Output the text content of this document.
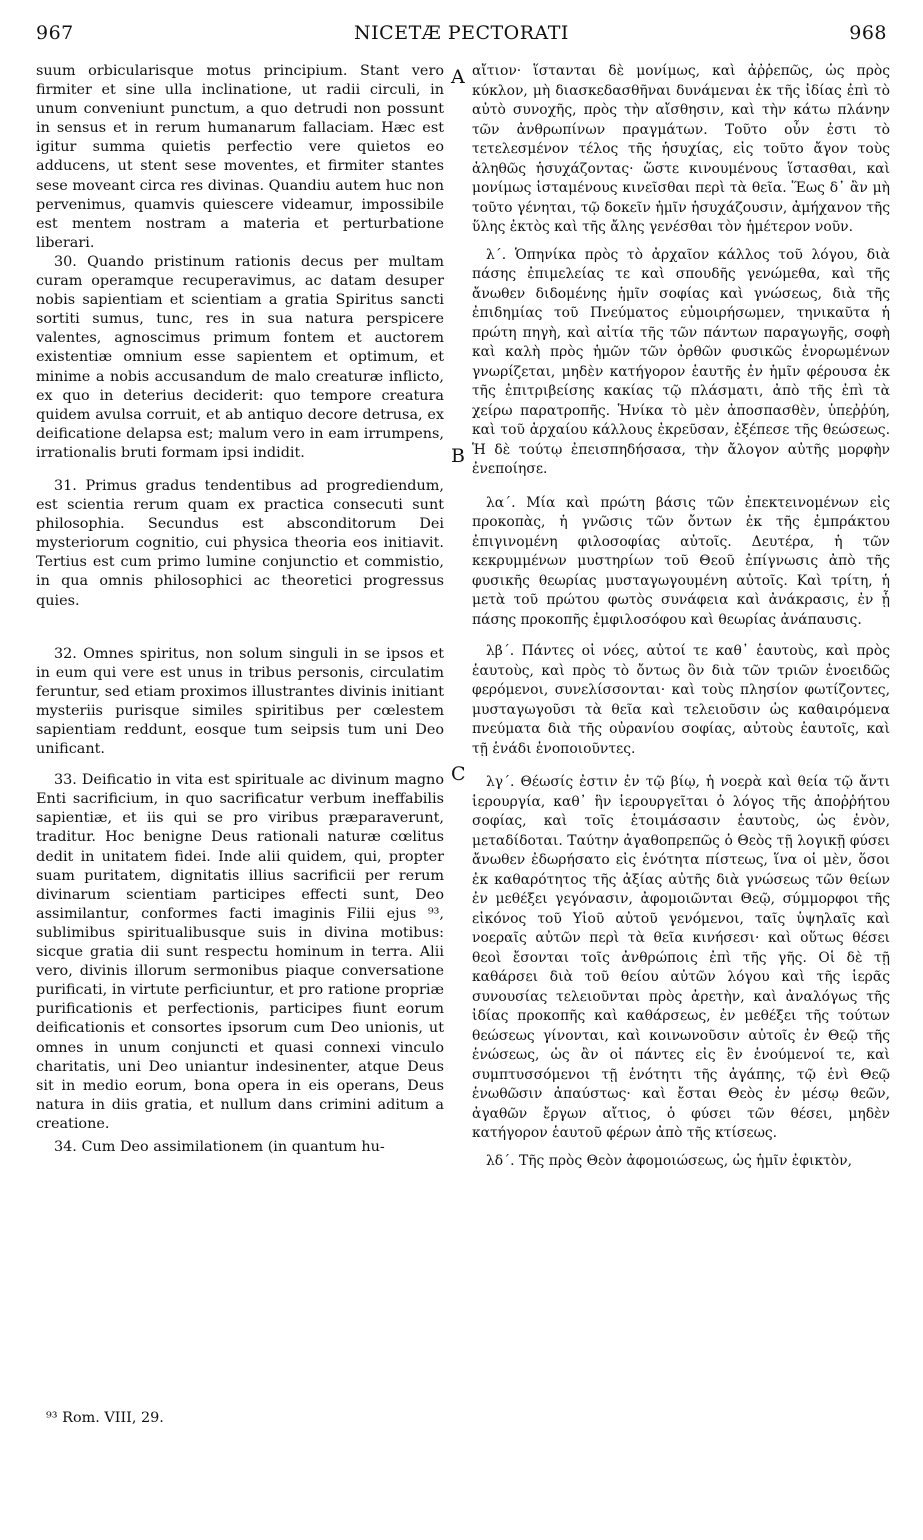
967	NICETÆ PECTORATI	968

suum orbicularisque motus principium. Stant vero firmiter et sine ulla inclinatione, ut radii circuli, in unum conveniunt punctum, a quo detrudi non possunt in sensus et in rerum humanarum fallaciam. Hæc est igitur summa quietis perfectio vere quietos eo adducens, ut stent sese moventes, et firmiter stantes sese moveant circa res divinas. Quandiu autem huc non pervenimus, quamvis quiescere videamur, impossibile est mentem nostram a materia et perturbatione liberari.

30. Quando pristinum rationis decus per multam curam operamque recuperavimus, ac datam desuper nobis sapientiam et scientiam a gratia Spiritus sancti sortiti sumus, tunc, res in sua natura perspicere valentes, agnoscimus primum fontem et auctorem existentiæ omnium esse sapientem et optimum, et minime a nobis accusandum de malo creaturæ inflicto, ex quo in deterius deciderit: quo tempore creatura quidem avulsa corruit, et ab antiquo decore detrusa, ex deificatione delapsa est; malum vero in eam irrumpens, irrationalis bruti formam ipsi indidit.

31. Primus gradus tendentibus ad progrediendum, est scientia rerum quam ex practica consecuti sunt philosophia. Secundus est absconditorum Dei mysteriorum cognitio, cui physica theoria eos initiavit. Tertius est cum primo lumine conjunctio et commistio, in qua omnis philosophici ac theoretici progressus quies.

32. Omnes spiritus, non solum singuli in se ipsos et in eum qui vere est unus in tribus personis, circulatim feruntur, sed etiam proximos illustrantes divinis initiant mysteriis purisque similes spiritibus per cœlestem sapientiam reddunt, eosque tum seipsis tum uni Deo unificant.

33. Deificatio in vita est spirituale ac divinum magno Enti sacrificium, in quo sacrificatur verbum ineffabilis sapientiæ, et iis qui se pro viribus præparaverunt, traditur. Hoc benigne Deus rationali naturæ cœlitus dedit in unitatem fidei. Inde alii quidem, qui, propter suam puritatem, dignitatis illius sacrificii per rerum divinarum scientiam participes effecti sunt, Deo assimilantur, conformes facti imaginis Filii ejus ⁹³, sublimibus spiritualibusque suis in divina motibus: sicque gratia dii sunt respectu hominum in terra. Alii vero, divinis illorum sermonibus piaque conversatione purificati, in virtute perficiuntur, et pro ratione propriæ purificationis et perfectionis, participes fiunt eorum deificationis et consortes ipsorum cum Deo unionis, ut omnes in unum conjuncti et quasi connexi vinculo charitatis, uni Deo uniantur indesinenter, atque Deus sit in medio eorum, bona opera in eis operans, Deus natura in diis gratia, et nullum dans crimini aditum a creatione.

34. Cum Deo assimilationem (in quantum hu-

A
B
C

αἴτιον· ἵστανται δὲ μονίμως, καὶ ἀῤῥεπῶς, ὡς πρὸς κύκλον, μὴ διασκεδασθῆναι δυνάμεναι ἐκ τῆς ἰδίας ἐπὶ τὸ αὐτὸ συνοχῆς, πρὸς τὴν αἴσθησιν, καὶ τὴν κάτω πλάνην τῶν ἀνθρωπίνων πραγμάτων. Τοῦτο οὖν ἐστι τὸ τετελεσμένον τέλος τῆς ἡσυχίας, εἰς τοῦτο ἄγον τοὺς ἀληθῶς ἡσυχάζοντας· ὥστε κινουμένους ἵστασθαι, καὶ μονίμως ἱσταμένους κινεῖσθαι περὶ τὰ θεῖα. Ἕως δ᾽ ἂν μὴ τοῦτο γένηται, τῷ δοκεῖν ἡμῖν ἡσυχάζουσιν, ἀμήχανον τῆς ὕλης ἐκτὸς καὶ τῆς ἄλης γενέσθαι τὸν ἡμέτερον νοῦν.

λ΄. Ὁπηνίκα πρὸς τὸ ἀρχαῖον κάλλος τοῦ λόγου, διὰ πάσης ἐπιμελείας τε καὶ σπουδῆς γενώμεθα, καὶ τῆς ἄνωθεν διδομένης ἡμῖν σοφίας καὶ γνώσεως, διὰ τῆς ἐπιδημίας τοῦ Πνεύματος εὐμοιρήσωμεν, τηνικαῦτα ἡ πρώτη πηγὴ, καὶ αἰτία τῆς τῶν πάντων παραγωγῆς, σοφὴ καὶ καλὴ πρὸς ἡμῶν τῶν ὀρθῶν φυσικῶς ἐνορωμένων γνωρίζεται, μηδὲν κατήγορον ἑαυτῆς ἐν ἡμῖν φέρουσα ἐκ τῆς ἐπιτριβείσης κακίας τῷ πλάσματι, ἀπὸ τῆς ἐπὶ τὰ χείρω παρατροπῆς. Ἡνίκα τὸ μὲν ἀποσπασθὲν, ὑπεῤῥύη, καὶ τοῦ ἀρχαίου κάλλους ἐκρεῦσαν, ἐξέπεσε τῆς θεώσεως. Ἡ δὲ τούτῳ ἐπεισπηδήσασα, τὴν ἄλογον αὐτῆς μορφὴν ἐνεποίησε.

λα΄. Μία καὶ πρώτη βάσις τῶν ἐπεκτεινομένων εἰς προκοπὰς, ἡ γνῶσις τῶν ὄντων ἐκ τῆς ἐμπράκτου ἐπιγινομένη φιλοσοφίας αὐτοῖς. Δευτέρα, ἡ τῶν κεκρυμμένων μυστηρίων τοῦ Θεοῦ ἐπίγνωσις ἀπὸ τῆς φυσικῆς θεωρίας μυσταγωγουμένη αὐτοῖς. Καὶ τρίτη, ἡ μετὰ τοῦ πρώτου φωτὸς συνάφεια καὶ ἀνάκρασις, ἐν ᾗ πάσης προκοπῆς ἐμφιλοσόφου καὶ θεωρίας ἀνάπαυσις.

λβ΄. Πάντες οἱ νόες, αὐτοί τε καθ᾽ ἑαυτοὺς, καὶ πρὸς ἑαυτοὺς, καὶ πρὸς τὸ ὄντως ὂν διὰ τῶν τριῶν ἐνοειδῶς φερόμενοι, συνελίσσονται· καὶ τοὺς πλησίον φωτίζοντες, μυσταγωγοῦσι τὰ θεῖα καὶ τελειοῦσιν ὡς καθαιρόμενα πνεύματα διὰ τῆς οὐρανίου σοφίας, αὐτοὺς ἑαυτοῖς, καὶ τῇ ἑνάδι ἑνοποιοῦντες.

λγ΄. Θέωσίς ἐστιν ἐν τῷ βίῳ, ἡ νοερὰ καὶ θεία τῷ ἄντι ἱερουργία, καθ᾽ ἣν ἱερουργεῖται ὁ λόγος τῆς ἀποῤῥήτου σοφίας, καὶ τοῖς ἑτοιμάσασιν ἑαυτοὺς, ὡς ἐνὸν, μεταδίδοται. Ταύτην ἀγαθοπρεπῶς ὁ Θεὸς τῇ λογικῇ φύσει ἄνωθεν ἐδωρήσατο εἰς ἑνότητα πίστεως, ἵνα οἱ μὲν, ὅσοι ἐκ καθαρότητος τῆς ἀξίας αὐτῆς διὰ γνώσεως τῶν θείων ἐν μεθέξει γεγόνασιν, ἀφομοιῶνται Θεῷ, σύμμορφοι τῆς εἰκόνος τοῦ Υἱοῦ αὐτοῦ γενόμενοι, ταῖς ὑψηλαῖς καὶ νοεραῖς αὐτῶν περὶ τὰ θεῖα κινήσεσι· καὶ οὕτως θέσει θεοὶ ἔσονται τοῖς ἀνθρώποις ἐπὶ τῆς γῆς. Οἱ δὲ τῇ καθάρσει διὰ τοῦ θείου αὐτῶν λόγου καὶ τῆς ἱερᾶς συνουσίας τελειοῦνται πρὸς ἀρετὴν, καὶ ἀναλόγως τῆς ἰδίας προκοπῆς καὶ καθάρσεως, ἐν μεθέξει τῆς τούτων θεώσεως γίνονται, καὶ κοινωνοῦσιν αὐτοῖς ἐν Θεῷ τῆς ἑνώσεως, ὡς ἂν οἱ πάντες εἰς ἓν ἑνούμενοί τε, καὶ συμπτυσσόμενοι τῇ ἑνότητι τῆς ἀγάπης, τῷ ἑνὶ Θεῷ ἑνωθῶσιν ἀπαύστως· καὶ ἔσται Θεὸς ἐν μέσῳ θεῶν, ἀγαθῶν ἔργων αἴτιος, ὁ φύσει τῶν θέσει, μηδὲν κατήγορον ἑαυτοῦ φέρων ἀπὸ τῆς κτίσεως.

λδ΄. Τῆς πρὸς Θεὸν ἀφομοιώσεως, ὡς ἡμῖν ἐφικτὸν,

⁹³ Rom. VIII, 29.
